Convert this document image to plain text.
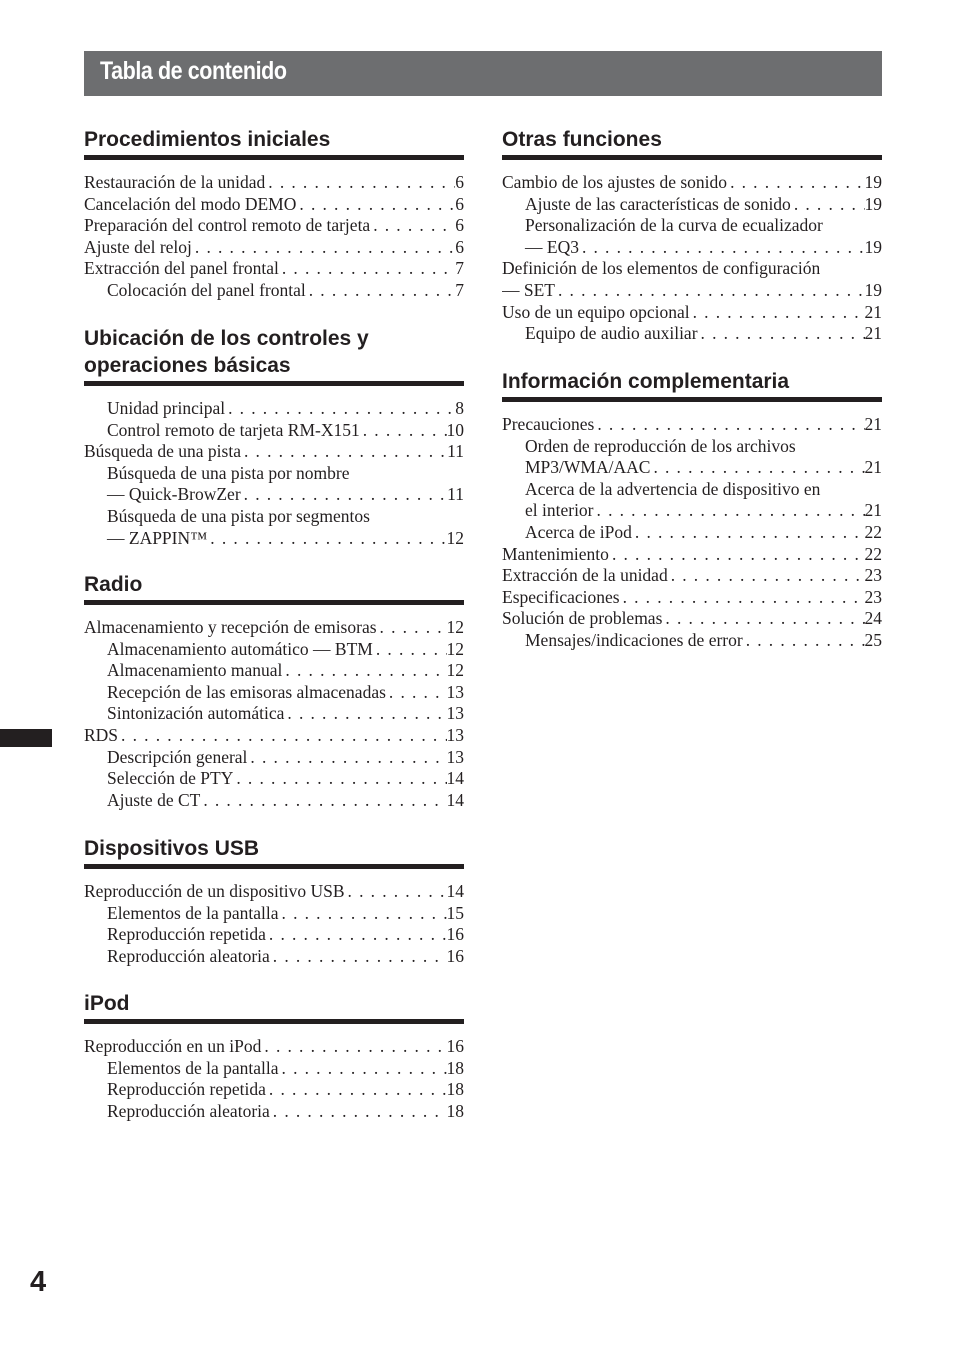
Tabla de contenido
Procedimientos iniciales
Restauración de la unidad . . .	6
Cancelación del modo DEMO . . .	6
Preparación del control remoto de tarjeta . . .	6
Ajuste del reloj . . .	6
Extracción del panel frontal . . .	7
Colocación del panel frontal . . .	7
Ubicación de los controles y operaciones básicas
Unidad principal . . .	8
Control remoto de tarjeta RM-X151 . . .	10
Búsqueda de una pista . . .	11
Búsqueda de una pista por nombre
— Quick-BrowZer . . .	11
Búsqueda de una pista por segmentos
— ZAPPIN™ . . .	12
Radio
Almacenamiento y recepción de emisoras . . .	12
Almacenamiento automático — BTM . . .	12
Almacenamiento manual . . .	12
Recepción de las emisoras almacenadas . . .	13
Sintonización automática . . .	13
RDS . . .	13
Descripción general . . .	13
Selección de PTY . . .	14
Ajuste de CT . . .	14
Dispositivos USB
Reproducción de un dispositivo USB . . .	14
Elementos de la pantalla . . .	15
Reproducción repetida . . .	16
Reproducción aleatoria . . .	16
iPod
Reproducción en un iPod . . .	16
Elementos de la pantalla . . .	18
Reproducción repetida . . .	18
Reproducción aleatoria . . .	18
Otras funciones
Cambio de los ajustes de sonido . . .	19
Ajuste de las características de sonido . . .	19
Personalización de la curva de ecualizador
— EQ3 . . .	19
Definición de los elementos de configuración
— SET . . .	19
Uso de un equipo opcional . . .	21
Equipo de audio auxiliar . . .	21
Información complementaria
Precauciones . . .	21
Orden de reproducción de los archivos
MP3/WMA/AAC . . .	21
Acerca de la advertencia de dispositivo en
el interior . . .	21
Acerca de iPod . . .	22
Mantenimiento . . .	22
Extracción de la unidad . . .	23
Especificaciones . . .	23
Solución de problemas . . .	24
Mensajes/indicaciones de error . . .	25

4
